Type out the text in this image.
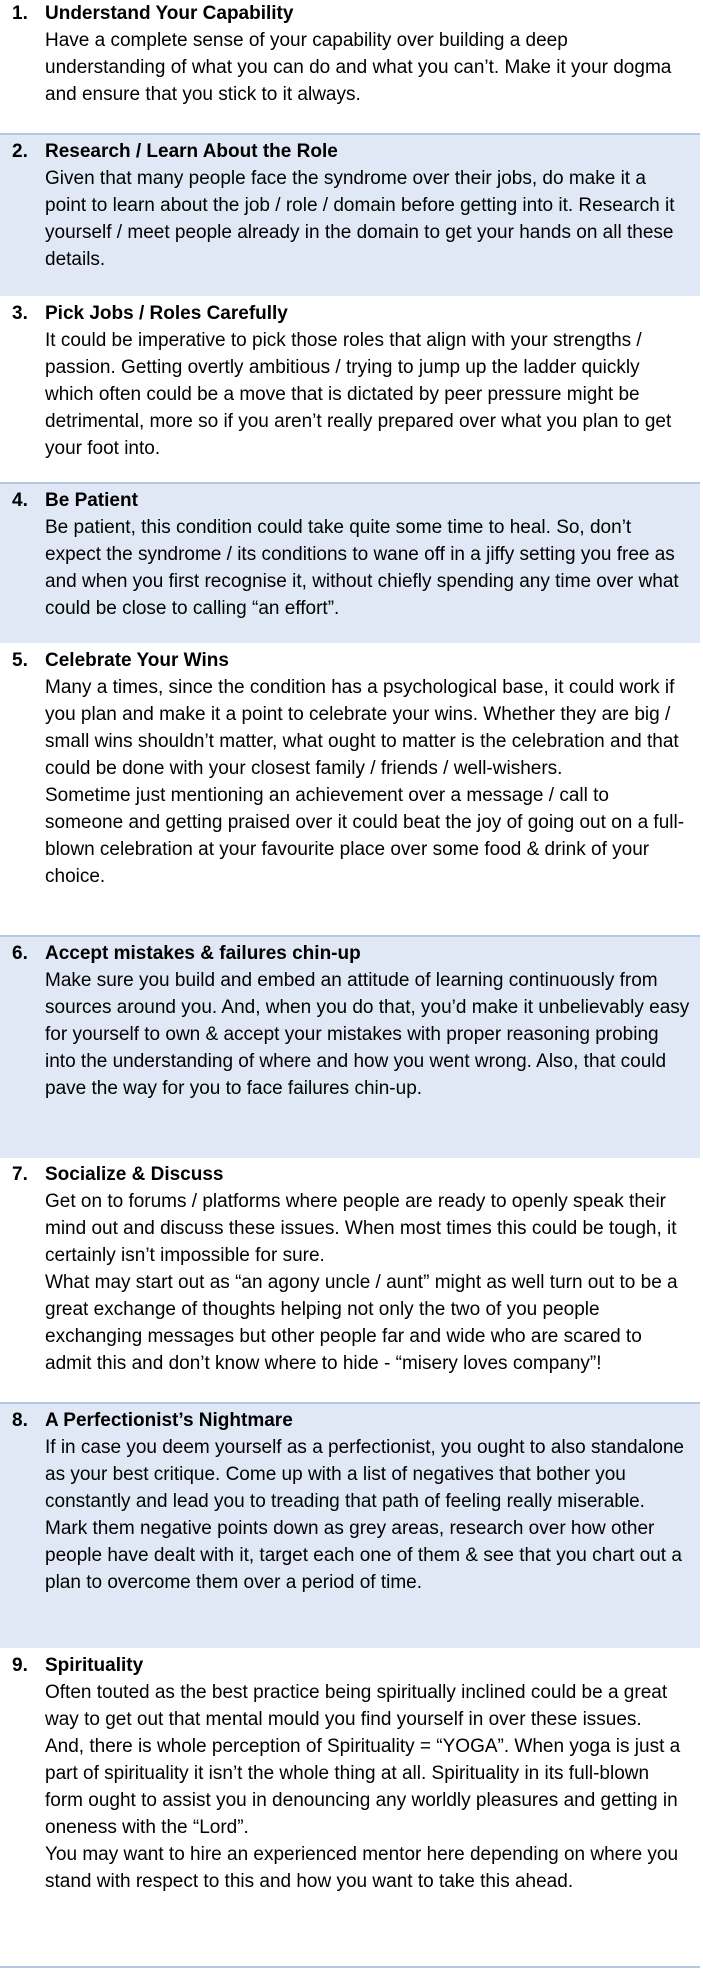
1. Understand Your Capability

Have a complete sense of your capability over building a deep understanding of what you can do and what you can’t. Make it your dogma and ensure that you stick to it always.

2. Research / Learn About the Role

Given that many people face the syndrome over their jobs, do make it a point to learn about the job / role / domain before getting into it. Research it yourself / meet people already in the domain to get your hands on all these details.

3. Pick Jobs / Roles Carefully

It could be imperative to pick those roles that align with your strengths / passion. Getting overtly ambitious / trying to jump up the ladder quickly which often could be a move that is dictated by peer pressure might be detrimental, more so if you aren’t really prepared over what you plan to get your foot into.

4. Be Patient

Be patient, this condition could take quite some time to heal. So, don’t expect the syndrome / its conditions to wane off in a jiffy setting you free as and when you first recognise it, without chiefly spending any time over what could be close to calling “an effort”.

5. Celebrate Your Wins

Many a times, since the condition has a psychological base, it could work if you plan and make it a point to celebrate your wins. Whether they are big / small wins shouldn’t matter, what ought to matter is the celebration and that could be done with your closest family / friends / well-wishers.

Sometime just mentioning an achievement over a message / call to someone and getting praised over it could beat the joy of going out on a full-blown celebration at your favourite place over some food & drink of your choice.

6. Accept mistakes & failures chin-up

Make sure you build and embed an attitude of learning continuously from sources around you. And, when you do that, you’d make it unbelievably easy for yourself to own & accept your mistakes with proper reasoning probing into the understanding of where and how you went wrong. Also, that could pave the way for you to face failures chin-up.

7. Socialize & Discuss

Get on to forums / platforms where people are ready to openly speak their mind out and discuss these issues. When most times this could be tough, it certainly isn’t impossible for sure.

What may start out as “an agony uncle / aunt” might as well turn out to be a great exchange of thoughts helping not only the two of you people exchanging messages but other people far and wide who are scared to admit this and don’t know where to hide - “misery loves company”!

8. A Perfectionist’s Nightmare

If in case you deem yourself as a perfectionist, you ought to also standalone as your best critique. Come up with a list of negatives that bother you constantly and lead you to treading that path of feeling really miserable.

Mark them negative points down as grey areas, research over how other people have dealt with it, target each one of them & see that you chart out a plan to overcome them over a period of time.

9. Spirituality

Often touted as the best practice being spiritually inclined could be a great way to get out that mental mould you find yourself in over these issues.

And, there is whole perception of Spirituality = “YOGA”. When yoga is just a part of spirituality it isn’t the whole thing at all. Spirituality in its full-blown form ought to assist you in denouncing any worldly pleasures and getting in oneness with the “Lord”.

You may want to hire an experienced mentor here depending on where you stand with respect to this and how you want to take this ahead.
